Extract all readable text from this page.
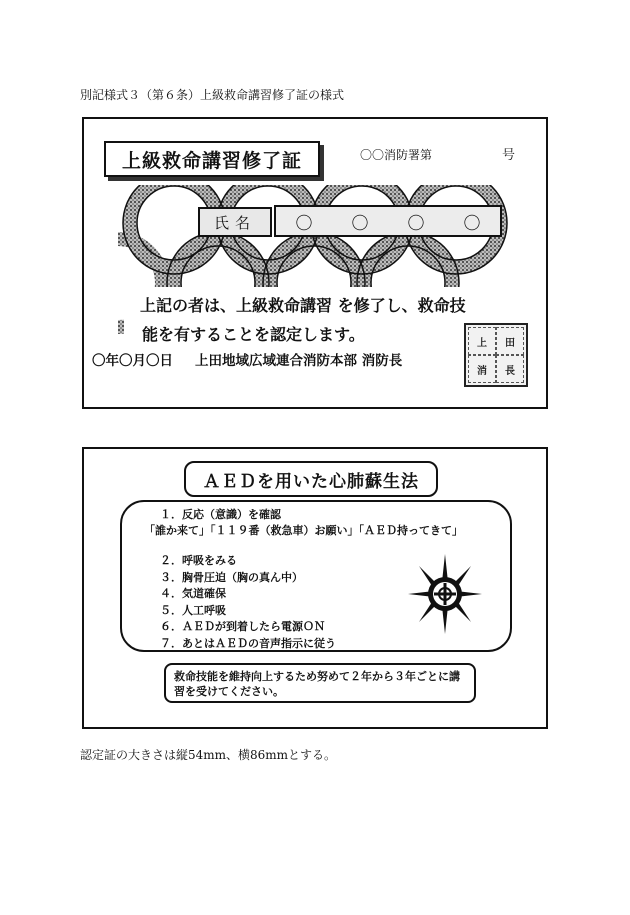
別記様式３（第６条）上級救命講習修了証の様式
上級救命講習修了証	〇〇消防署第	号
氏名	〇 〇 〇 〇
上記の者は、上級救命講習 を修了し、救命技
能を有することを認定します。
〇年〇月〇日 上田地域広域連合消防本部 消防長
上	田
消	長
ＡＥＤを用いた心肺蘇生法
１．反応（意識）を確認
「誰か来て」「１１９番（救急車）お願い」「ＡＥＤ持ってきて」
２．呼吸をみる
３．胸骨圧迫（胸の真ん中）
４．気道確保
５．人工呼吸
６．ＡＥＤが到着したら電源ＯＮ
７．あとはＡＥＤの音声指示に従う
救命技能を維持向上するため努めて２年から３年ごとに講習を受けてください。
認定証の大きさは縦54mm、横86mmとする。
